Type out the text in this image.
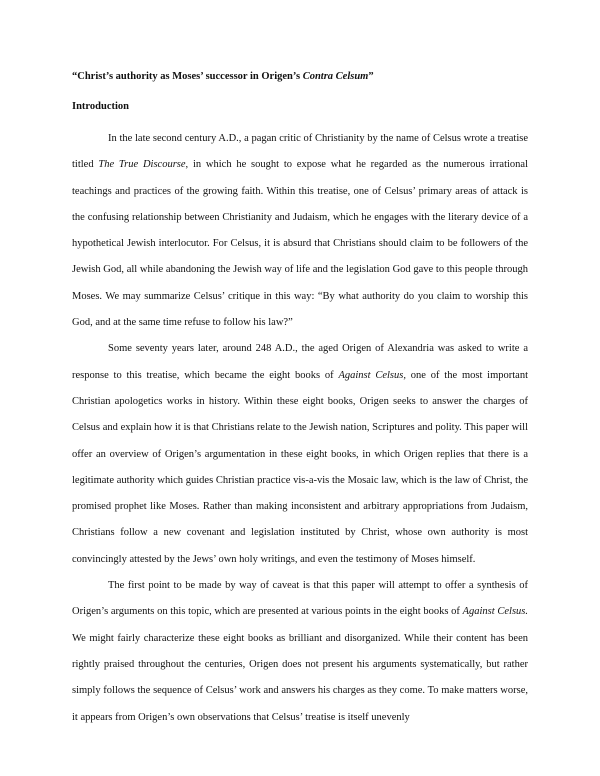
“Christ’s authority as Moses’ successor in Origen’s Contra Celsum”
Introduction

In the late second century A.D., a pagan critic of Christianity by the name of Celsus wrote a treatise titled The True Discourse, in which he sought to expose what he regarded as the numerous irrational teachings and practices of the growing faith. Within this treatise, one of Celsus’ primary areas of attack is the confusing relationship between Christianity and Judaism, which he engages with the literary device of a hypothetical Jewish interlocutor. For Celsus, it is absurd that Christians should claim to be followers of the Jewish God, all while abandoning the Jewish way of life and the legislation God gave to this people through Moses. We may summarize Celsus’ critique in this way: “By what authority do you claim to worship this God, and at the same time refuse to follow his law?”

Some seventy years later, around 248 A.D., the aged Origen of Alexandria was asked to write a response to this treatise, which became the eight books of Against Celsus, one of the most important Christian apologetics works in history. Within these eight books, Origen seeks to answer the charges of Celsus and explain how it is that Christians relate to the Jewish nation, Scriptures and polity. This paper will offer an overview of Origen’s argumentation in these eight books, in which Origen replies that there is a legitimate authority which guides Christian practice vis-a-vis the Mosaic law, which is the law of Christ, the promised prophet like Moses. Rather than making inconsistent and arbitrary appropriations from Judaism, Christians follow a new covenant and legislation instituted by Christ, whose own authority is most convincingly attested by the Jews’ own holy writings, and even the testimony of Moses himself.

The first point to be made by way of caveat is that this paper will attempt to offer a synthesis of Origen’s arguments on this topic, which are presented at various points in the eight books of Against Celsus. We might fairly characterize these eight books as brilliant and disorganized. While their content has been rightly praised throughout the centuries, Origen does not present his arguments systematically, but rather simply follows the sequence of Celsus’ work and answers his charges as they come. To make matters worse, it appears from Origen’s own observations that Celsus’ treatise is itself unevenly
